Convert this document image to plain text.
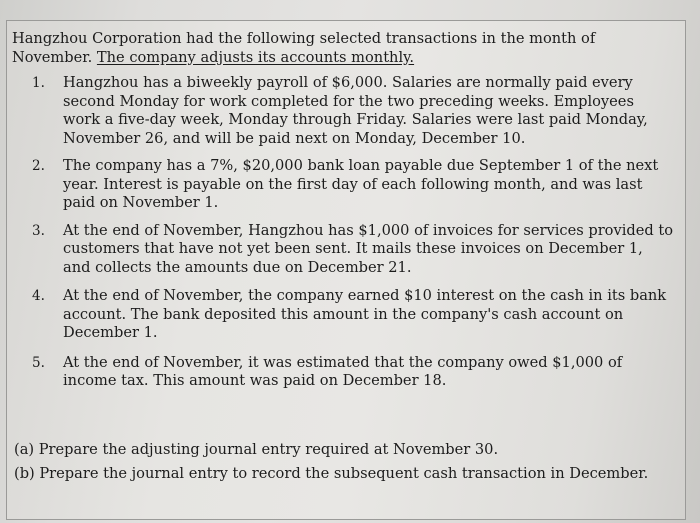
Hangzhou Corporation had the following selected transactions in the month of
November. The company adjusts its accounts monthly.

1. Hangzhou has a biweekly payroll of $6,000. Salaries are normally paid every second Monday for work completed for the two preceding weeks. Employees work a five-day week, Monday through Friday. Salaries were last paid Monday, November 26, and will be paid next on Monday, December 10.
2. The company has a 7%, $20,000 bank loan payable due September 1 of the next year. Interest is payable on the first day of each following month, and was last paid on November 1.
3. At the end of November, Hangzhou has $1,000 of invoices for services provided to customers that have not yet been sent. It mails these invoices on December 1, and collects the amounts due on December 21.
4. At the end of November, the company earned $10 interest on the cash in its bank account. The bank deposited this amount in the company's cash account on December 1.
5. At the end of November, it was estimated that the company owed $1,000 of income tax. This amount was paid on December 18.

(a) Prepare the adjusting journal entry required at November 30.

(b) Prepare the journal entry to record the subsequent cash transaction in December.
